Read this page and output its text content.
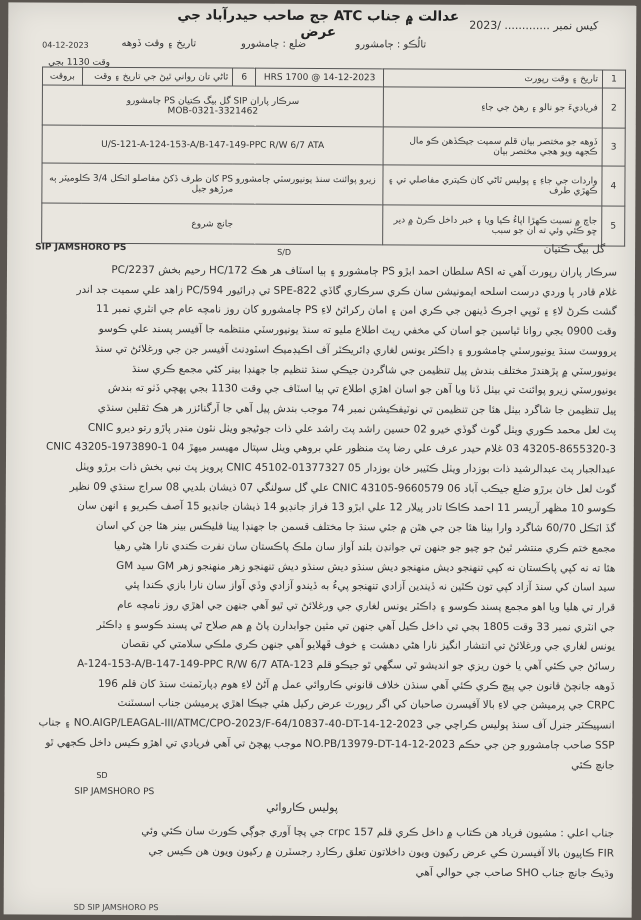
عدالت ۾ جناب ATC جج صاحب حيدرآباد جي عرض	کيس نمبر ............. /2023
04-12-2023	تالُڪو : ڄامشورو
ضلع : ڄامشورو
تاريخ ۽ وقت ڏوهه
وقت 1130 بجي
1	تاريخ ۽ وقت رپورٽ	14-12-2023 @ 1700 HRS	6	ٿاڻي تان رواني ٿيڻ جي تاريخ ۽ وقت	بروقت
2	فرياديءَ جو نالو ۽ رهڻ جي جاءِ	سرڪار پاران SIP گل بيگ ڪتيان PS ڄامشورو
MOB-0321-3321462			

3	ڏوهه جو مختصر بيان قلم سميت جيڪڏهن ڪو مال ڪجهه ويو هجي مختصر بيان	U/S-121-A-124-153-A/B-147-149-PPC R/W 6/7 ATA			
4	واردات جي جاءِ ۽ پوليس ٿاڻي کان ڪيتري مفاصلي تي ۽ ڪهڙي طرف	زيرو پوائنٽ سنڌ يونيورسٽي ڄامشورو PS کان طرف ڏکڻ مفاصلو اٽڪل 3/4 ڪلوميٽر ٻه مرڙهو جبل			
5	جاچ ۾ نسبت ڪهڙا اپاءُ ڪيا ويا ۽ خبر داخل ڪرڻ ۾ دير ڇو ڪئي وئي ته ان جو سبب	جانچ شروع			
گل بيگ ڪتيان
SIP JAMSHORO PS	S/D

سرڪار پاران رپورٽ آهي ته ASI سلطان احمد ابڙو PS ڄامشورو ۽ ٻيا اسٽاف هر هڪ HC/172 رحيم بخش PC/2237

غلام قادر ٻا وردي درست اسلحه ايمونيشن سان ڪري سرڪاري گاڏي SPE-822 تي ڊرائيور PC/594 زاهد علي سميت جد اندر

گشت ڪرڻ لاءِ ۽ ٽوپي اجرڪ ڏينهن جي ڪري امن ۽ امان رکرائڻ لاءِ PS ڄامشورو کان روز نامچه عام جي انٽري نمبر 11

وقت 0900 بجي روانا ٿياسين جو اسان کي مخفي رپٽ اطلاع مليو ته سنڌ يونيورسٽي منتظمه جا آفيسر پسند علي ڪوسو

پرووسٽ سنڌ يونيورسٽي ڄامشورو ۽ ڊاڪٽر يونس لغاري ڊائريڪٽر آف اڪيڊميڪ اسٽوڊنٽ آفيسر جن جي ورغلائڻ تي سنڌ

يونيورسٽي ۾ پڙهندڙ مختلف بندش پيل تنظيمن جي شاگردن جيڪي سنڌ تنظيم جا جهنڊا بينر کڻي مجمع ڪري سنڌ

يونيورسٽي زيرو پوائنٽ تي بيٺل ڏنا ويا آهن جو اسان اهڙي اطلاع تي ٻيا اسٽاف جي وقت 1130 بجي پهچي ڏٺو ته بندش

پيل تنظيمن جا شاگرد بيٺل هئا جن تنظيمن تي نوٽيفڪيشن نمبر 74 موجب بندش پيل آهي جا آرگنائزر هر هڪ ثقلين سنڌي

پٽ لعل محمد ڪوري ويٺل گوٺ گوڏي خيرو 02 حسين راشد پٽ راشد علي ذات جوڻيجو ويٺل نئون منڊر پاڙو رتو ديرو CNIC

43205-8655320-3 03 غلام حيدر عرف علي رضا پٽ منظور علي بروهي ويٺل سپتال مهيسر ميهڙ 04 CNIC 43205-1973890-1

عبدالجبار پٽ عبدالرشيد ذات بوزدار ويٺل ڪٽيبر خان بوزدار 05 CNIC 45102-01377327 پرويز پٽ نبي بخش ذات برڙو ويٺل

گوٺ لعل خان برڙو ضلع جيڪب آباد 06 CNIC 43105-9660579 علي گل سولنگي 07 ذيشان بلديي 08 سراج سنڌي 09 نظير

ڪوسو 10 مظهر آريسر 11 احمد ڪاڪا تادر پيلار 12 علي ابڙو 13 فراز جانڊيو 14 ذيشان جانڊيو 15 آصف ڪبريو ۽ انهن سان

گڏ اٽڪل 60/70 شاگرد وارا بيٺا هئا جن جي هٿن ۾ جئي سنڌ جا مختلف قسمن جا جهنڊا پينا فليڪس بينر هئا جن کي اسان

مجمع ختم ڪري منتشر ٿيڻ جو چيو جو جنهن تي جوانڊن بلند آواز سان ملڪ پاڪستان سان نفرت ڪندي نارا هڻي رهيا

هئا ته نه کپي پاڪستان نه کپي تنهنجو ديش منهنجو ديش سنڌو ديش سنڌو ديش تنهنجو زهر منهنجو زهر GM سيد GM

سيد اسان کي سنڌ آزاد کپي تون ڪٿين نه ڏيندين آزادي تنهنجو پيءُ به ڏيندو آزادي وڏي آواز سان نارا بازي ڪندا پئي

قرار تي هليا ويا اهو مجمع پسند ڪوسو ۽ ڊاڪٽر يونس لغاري جي ورغلائڻ تي ٿيو آهي جنهن جي اهڙي روز نامچه عام

جي انٽري نمبر 33 وقت 1805 بجي تي داخل ڪيل آهي جنهن تي مثين جوابدارن پاڻ ۾ هم صلاح ٿي پسند ڪوسو ۽ ڊاڪٽر

يونس لغاري جي ورغلائڻ تي انتشار انگيز نارا هڻي دهشت ۽ خوف ڦهلايو آهي جنهن ڪري ملڪي سلامتي کي نقصان

رسائڻ جي ڪئي آهي يا خون ريزي جو انديشو ٿي سگهي ٿو جيڪو قلم 123-A-124-153-A/B-147-149-PPC R/W 6/7 ATA

ڏوهه جانچڻ قانون جي پيچ ڪري ڪئي آهي سنڌن خلاف قانوني ڪاروائي عمل ۾ آڻڻ لاءِ هوم ڊپارٽمنٽ سنڌ کان قلم 196

CRPC جي پرميشن جي لاءِ بالا آفيسرن صاحبان کي اگر رپورٽ عرض رکيل هئي جيڪا اهڙي پرميشن جناب اسسٽنٽ

انسپيڪٽر جنرل آف سنڌ پوليس ڪراچي جي NO.AIGP/LEAGAL-III/ATMC/CPO-2023/F-64/10837-40-DT-14-12-2023 ۽ جناب

SSP صاحب ڄامشورو جن جي حڪم NO.PB/13979-DT-14-12-2023 موجب پهچڻ تي آهي فريادي تي اهڙو ڪيس داخل ڪجهي ٿو

جانچ ڪئي

SD
SIP JAMSHORO PS
پوليس ڪاروائي

جناب اعلي : مشيون فرياد هن ڪتاب ۾ داخل ڪري قلم 157 crpc جي پچا آوري جوڳي ڪورٽ سان ڪئي وئي

FIR ڪاپيون بالا آفيسرن ڪي عرض رکيون ويون داخلاتون تعلق رڪارڊ رجسٽرن ۾ رکيون ويون هن ڪيس جي

وڌيڪ جانچ جناب SHO صاحب جي حوالي آهي

SD SIP JAMSHORO PS
